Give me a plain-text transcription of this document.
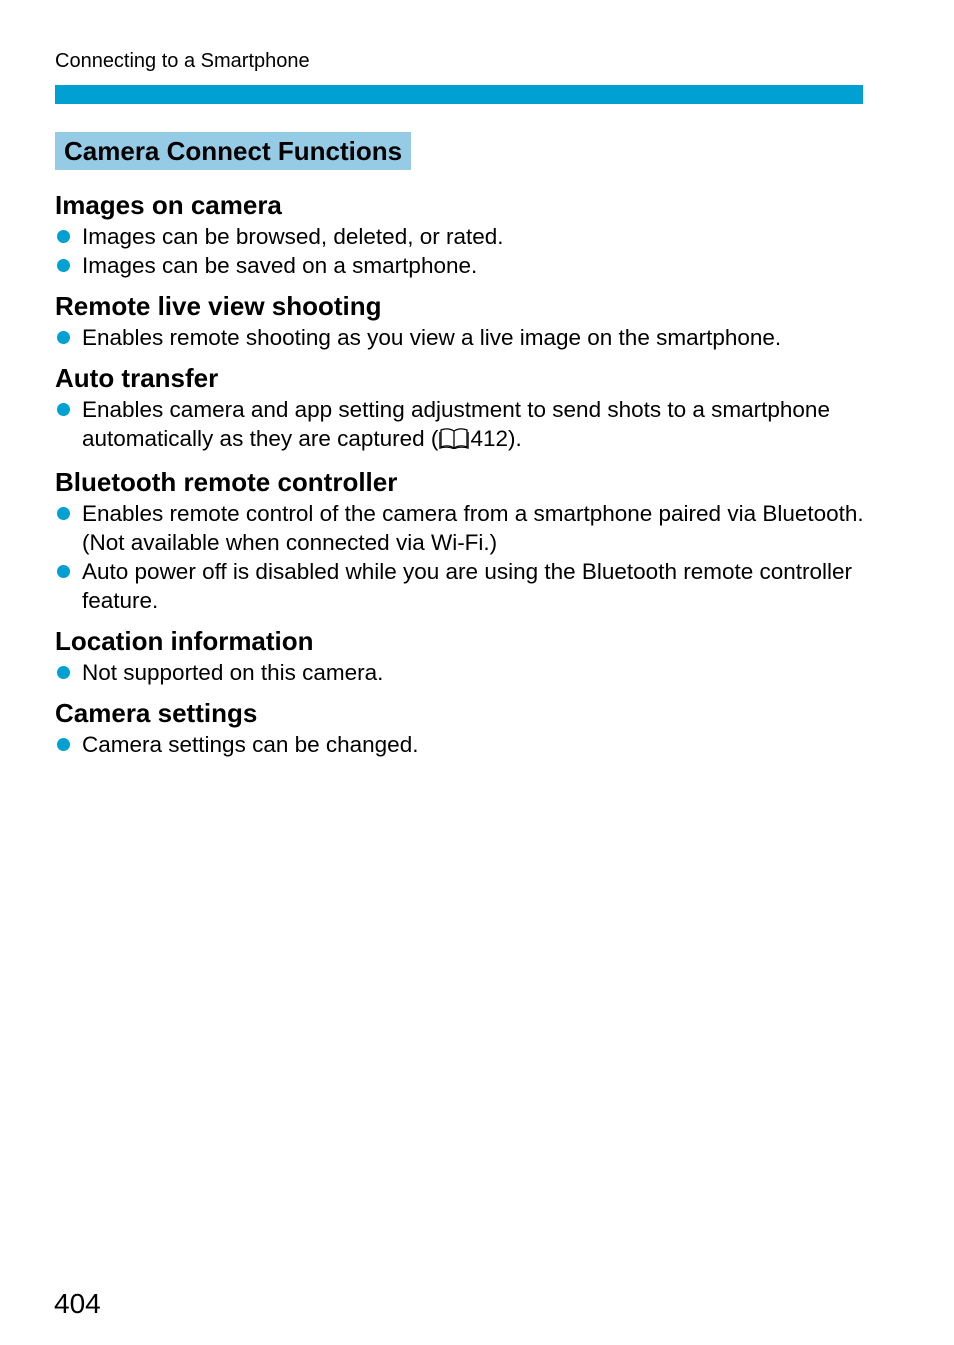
Connecting to a Smartphone
Camera Connect Functions
Images on camera
Images can be browsed, deleted, or rated.
Images can be saved on a smartphone.
Remote live view shooting
Enables remote shooting as you view a live image on the smartphone.
Auto transfer
Enables camera and app setting adjustment to send shots to a smartphone automatically as they are captured ( 412).
Bluetooth remote controller
Enables remote control of the camera from a smartphone paired via Bluetooth. (Not available when connected via Wi-Fi.)
Auto power off is disabled while you are using the Bluetooth remote controller feature.
Location information
Not supported on this camera.
Camera settings
Camera settings can be changed.
404
